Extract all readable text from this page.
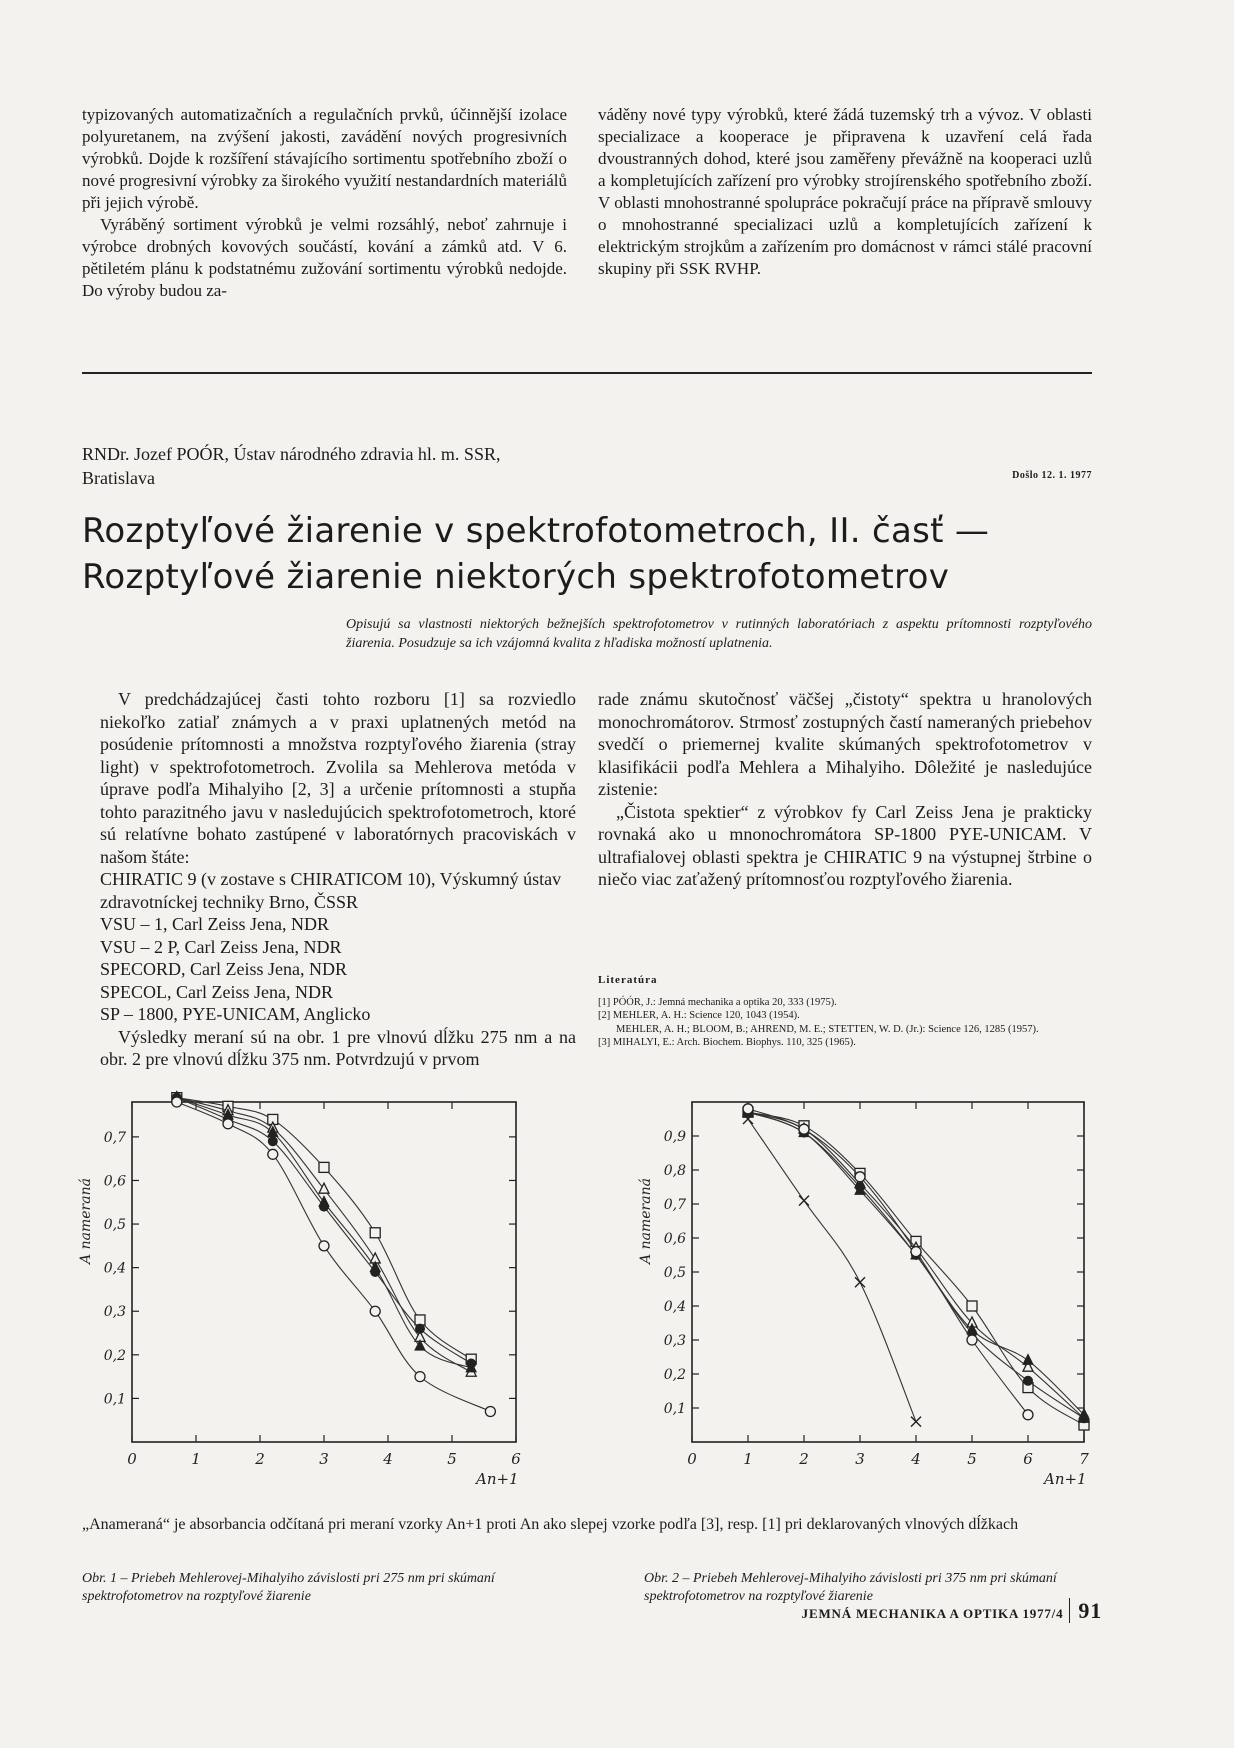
typizovaných automatizačních a regulačních prvků, účinnější izolace polyuretanem, na zvýšení jakosti, zavádění nových progresivních výrobků. Dojde k rozšíření stávajícího sortimentu spotřebního zboží o nové progresivní výrobky za širokého využití nestandardních materiálů při jejich výrobě.

Vyráběný sortiment výrobků je velmi rozsáhlý, neboť zahrnuje i výrobce drobných kovových součástí, kování a zámků atd. V 6. pětiletém plánu k podstatnému zužování sortimentu výrobků nedojde. Do výroby budou za-

váděny nové typy výrobků, které žádá tuzemský trh a vývoz. V oblasti specializace a kooperace je připravena k uzavření celá řada dvoustranných dohod, které jsou zaměřeny převážně na kooperaci uzlů a kompletujících zařízení pro výrobky strojírenského spotřebního zboží. V oblasti mnohostranné spolupráce pokračují práce na přípravě smlouvy o mnohostranné specializaci uzlů a kompletujících zařízení k elektrickým strojkům a zařízením pro domácnost v rámci stálé pracovní skupiny při SSK RVHP.

RNDr. Jozef POÓR, Ústav národného zdravia hl. m. SSR,
Bratislava	Došlo 12. 1. 1977
Rozptyľové žiarenie v spektrofotometroch, II. časť — Rozptyľové žiarenie niektorých spektrofotometrov
Opisujú sa vlastnosti niektorých bežnejších spektrofotometrov v rutinných laboratóriach z aspektu prítomnosti rozptyľového žiarenia. Posudzuje sa ich vzájomná kvalita z hľadiska možností uplatnenia.

V predchádzajúcej časti tohto rozboru [1] sa rozviedlo niekoľko zatiaľ známych a v praxi uplatnených metód na posúdenie prítomnosti a množstva rozptyľového žiarenia (stray light) v spektrofotometroch. Zvolila sa Mehlerova metóda v úprave podľa Mihalyiho [2, 3] a určenie prítomnosti a stupňa tohto parazitného javu v nasledujúcich spektrofotometroch, ktoré sú relatívne bohato zastúpené v laboratórnych pracoviskách v našom štáte:

CHIRATIC 9 (v zostave s CHIRATICOM 10), Výskumný ústav zdravotníckej techniky Brno, ČSSR
VSU – 1, Carl Zeiss Jena, NDR
VSU – 2 P, Carl Zeiss Jena, NDR
SPECORD, Carl Zeiss Jena, NDR
SPECOL, Carl Zeiss Jena, NDR
SP – 1800, PYE-UNICAM, Anglicko

Výsledky meraní sú na obr. 1 pre vlnovú dĺžku 275 nm a na obr. 2 pre vlnovú dĺžku 375 nm. Potvrdzujú v prvom

rade známu skutočnosť väčšej „čistoty“ spektra u hranolových monochromátorov. Strmosť zostupných častí nameraných priebehov svedčí o priemernej kvalite skúmaných spektrofotometrov v klasifikácii podľa Mehlera a Mihalyiho. Dôležité je nasledujúce zistenie:

„Čistota spektier“ z výrobkov fy Carl Zeiss Jena je prakticky rovnaká ako u mnonochromátora SP-1800 PYE-UNICAM. V ultrafialovej oblasti spektra je CHIRATIC 9 na výstupnej štrbine o niečo viac zaťažený prítomnosťou rozptyľového žiarenia.

Literatúra

[1] PÓÓR, J.: Jemná mechanika a optika 20, 333 (1975).

[2] MEHLER, A. H.: Science 120, 1043 (1954).

MEHLER, A. H.; BLOOM, B.; AHREND, M. E.; STETTEN, W. D. (Jr.): Science 126, 1285 (1957).

[3] MIHALYI, E.: Arch. Biochem. Biophys. 110, 325 (1965).

0	1	2	3	4	5	6
0,1
0,2
0,3
0,4
0,5
0,6
0,7
An+1
A nameraná
0	1	2	3	4	5	6	7
0,1
0,2
0,3
0,4
0,5
0,6
0,7
0,8
0,9
An+1
A nameraná
„Anameraná“ je absorbancia odčítaná pri meraní vzorky An+1 proti An ako slepej vzorke podľa [3], resp. [1] pri deklarovaných vlnových dĺžkach
Obr. 1 – Priebeh Mehlerovej-Mihalyiho závislosti pri 275 nm pri skúmaní spektrofotometrov na rozptyľové žiarenie
Obr. 2 – Priebeh Mehlerovej-Mihalyiho závislosti pri 375 nm pri skúmaní spektrofotometrov na rozptyľové žiarenie
JEMNÁ MECHANIKA A OPTIKA 1977/4 91
